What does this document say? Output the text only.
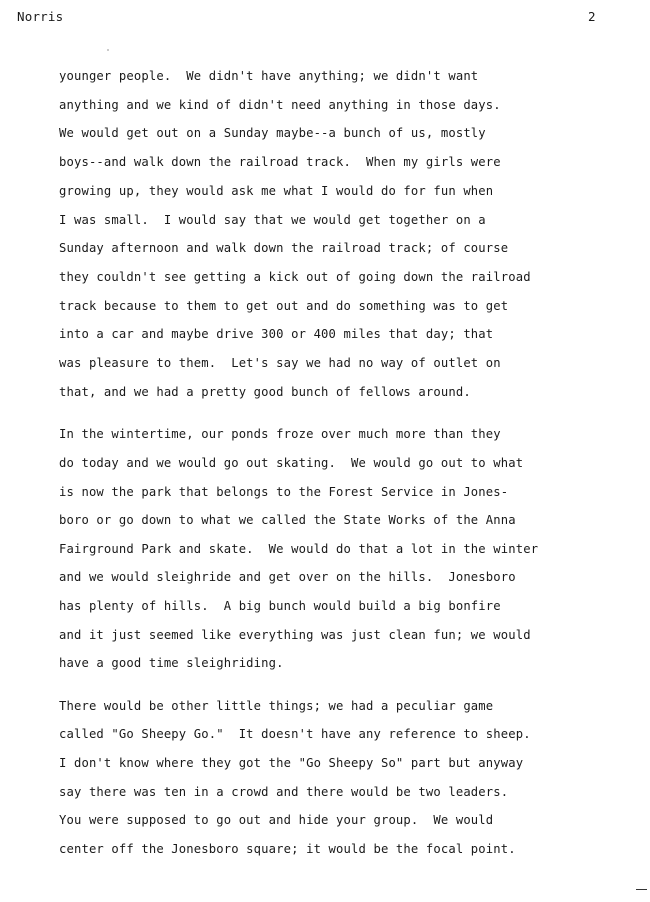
Norris	2
younger people.  We didn't have anything; we didn't want
anything and we kind of didn't need anything in those days.
We would get out on a Sunday maybe--a bunch of us, mostly
boys--and walk down the railroad track.  When my girls were
growing up, they would ask me what I would do for fun when
I was small.  I would say that we would get together on a
Sunday afternoon and walk down the railroad track; of course
they couldn't see getting a kick out of going down the railroad
track because to them to get out and do something was to get
into a car and maybe drive 300 or 400 miles that day; that
was pleasure to them.  Let's say we had no way of outlet on
that, and we had a pretty good bunch of fellows around.
In the wintertime, our ponds froze over much more than they
do today and we would go out skating.  We would go out to what
is now the park that belongs to the Forest Service in Jones-
boro or go down to what we called the State Works of the Anna
Fairground Park and skate.  We would do that a lot in the winter
and we would sleighride and get over on the hills.  Jonesboro
has plenty of hills.  A big bunch would build a big bonfire
and it just seemed like everything was just clean fun; we would
have a good time sleighriding.
There would be other little things; we had a peculiar game
called "Go Sheepy Go."  It doesn't have any reference to sheep.
I don't know where they got the "Go Sheepy So" part but anyway
say there was ten in a crowd and there would be two leaders.
You were supposed to go out and hide your group.  We would
center off the Jonesboro square; it would be the focal point.
